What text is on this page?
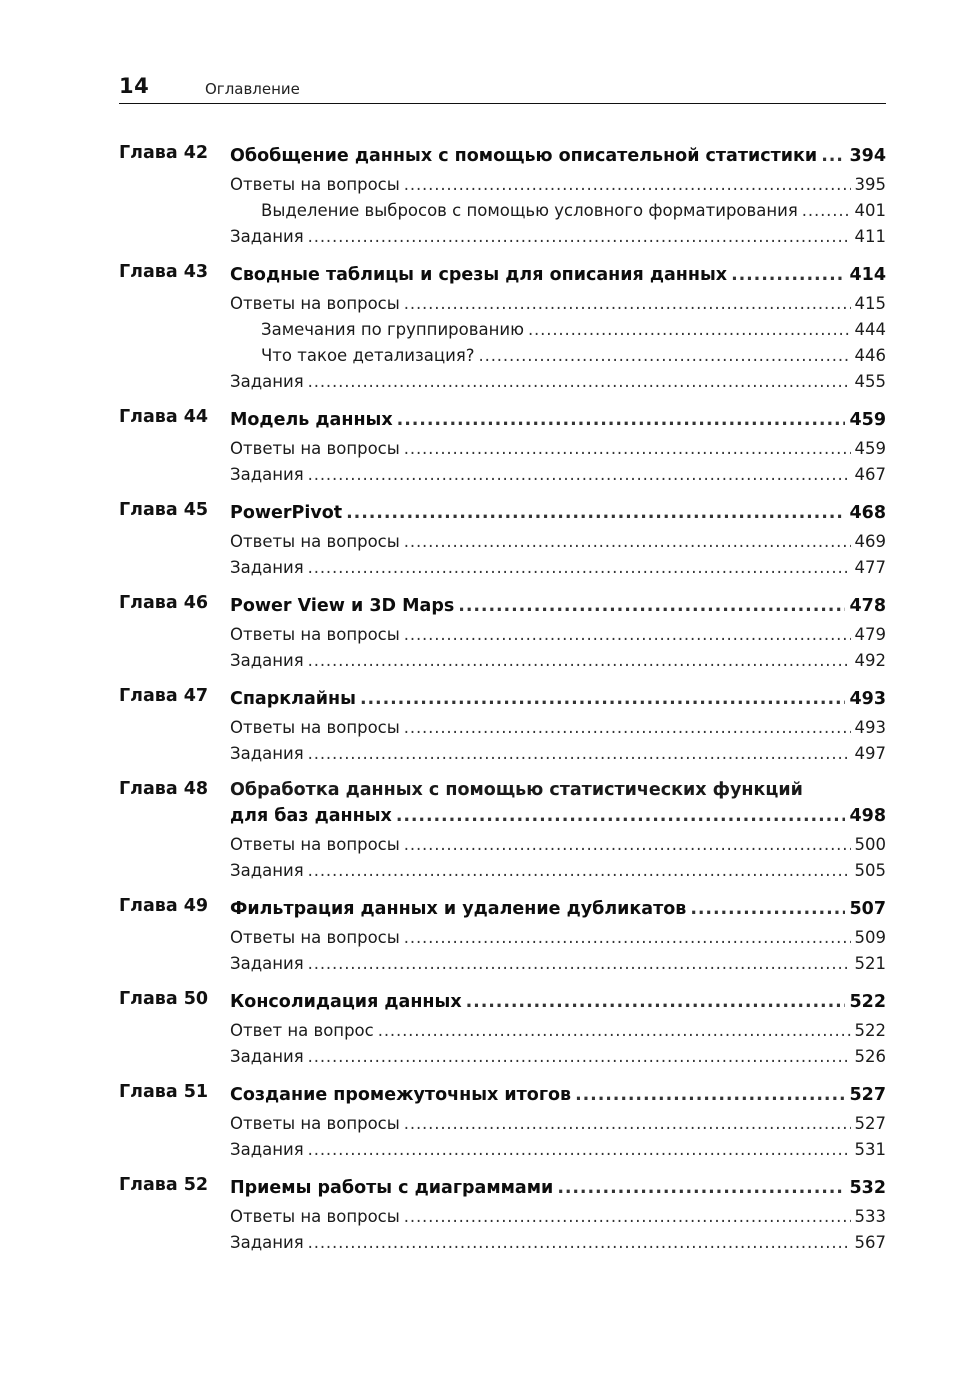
14	Оглавление
Глава 42 Обобщение данных с помощью описательной статистики . . . 394
Ответы на вопросы . . .	395
Выделение выбросов с помощью условного форматирования . . .	401
Задания . . .	411
Глава 43 Сводные таблицы и срезы для описания данных . . .	414
Ответы на вопросы . . .	415
Замечания по группированию . . .	444
Что такое детализация? . . .	446
Задания . . .	455
Глава 44 Модель данных . . .	459
Ответы на вопросы . . .	459
Задания . . .	467
Глава 45 PowerPivot . . .	468
Ответы на вопросы . . .	469
Задания . . .	477
Глава 46 Power View и 3D Maps . . .	478
Ответы на вопросы . . .	479
Задания . . .	492
Глава 47 Спарклайны . . .	493
Ответы на вопросы . . .	493
Задания . . .	497
Глава 48 Обработка данных с помощью статистических функций
для баз данных . . .	498
Ответы на вопросы . . .	500
Задания . . .	505
Глава 49 Фильтрация данных и удаление дубликатов . . .	507
Ответы на вопросы . . .	509
Задания . . .	521
Глава 50 Консолидация данных . . .	522
Ответ на вопрос . . .	522
Задания . . .	526
Глава 51 Создание промежуточных итогов . . .	527
Ответы на вопросы . . .	527
Задания . . .	531
Глава 52 Приемы работы с диаграммами . . .	532
Ответы на вопросы . . .	533
Задания . . .	567
